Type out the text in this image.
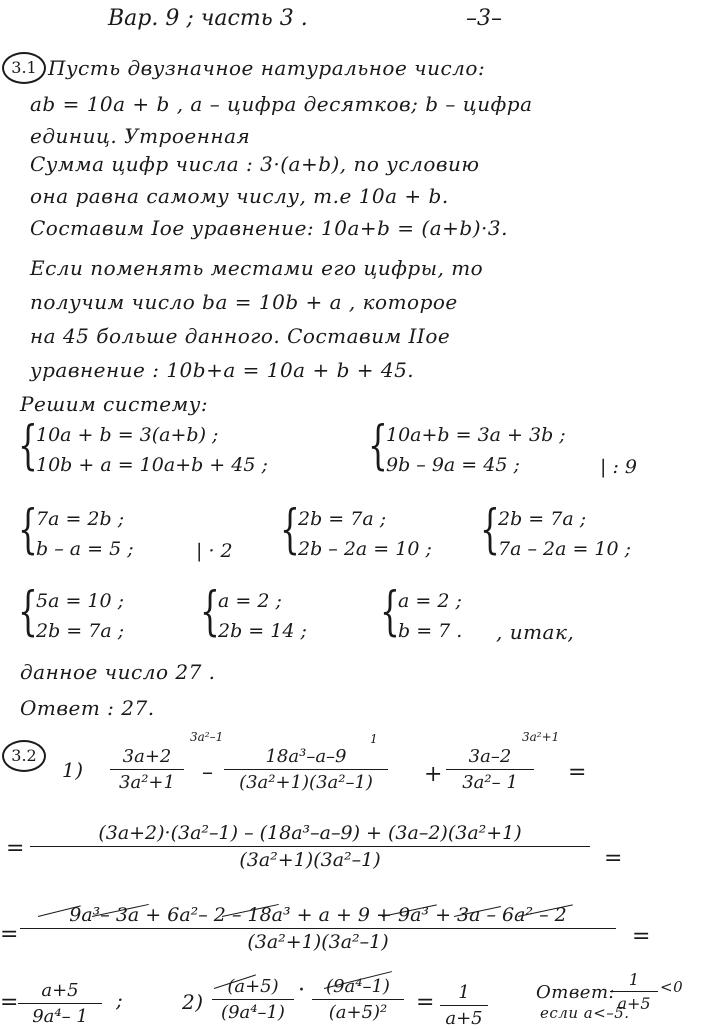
Вар. 9 ; часть 3 .	–3–
3.1 Пусть двузначное натуральное число:
ab = 10a + b , a – цифра десятков; b – цифра
единиц. Утроенная
Сумма цифр числа : 3·(a+b), по условию
она равна самому числу, т.е 10a + b.
Составим Iое уравнение: 10a+b = (a+b)·3.
Если поменять местами его цифры, то
получим число ba = 10b + a , которое
на 45 больше данного. Составим IIое
уравнение : 10b+a = 10a + b + 45.
Решим систему:
{
10a + b = 3(a+b) ;
10b + a = 10a+b + 45 ; {
10a+b = 3a + 3b ;
9b – 9a = 45 ;	| : 9
{
7a = 2b ;
b – a = 5 ;	| · 2 {
2b = 7a ;
2b – 2a = 10 ; {
2b = 7a ;
7a – 2a = 10 ;
{
5a = 10 ;
2b = 7a ; {
a = 2 ;
2b = 14 ; {
a = 2 ;
b = 7 . , итак,
данное число 27 .
Ответ : 27.
3.2
1)
3a²–1
$\frac{3a+2}{\text{3a²+1}}$ –
1
$\frac{\text{18a³–a–9}}{\text{(3a²+1)(3a²–1)}}$ +
3a²+1
$\frac{3a-2}{\text{3a²– 1}}$ =
= $\frac{\text{(3a+2)·(3a²–1) – (18a³–a–9) + (3a–2)(3a²+1)}}{\text{(3a²+1)(3a²–1)}}$ =
= $\frac{\text{9a³– 3a + 6a²– 2 – 18a³ + a + 9 + 9a³ + 3a – 6a² – 2}}{\text{(3a²+1)(3a²–1)}}$ =
= $\frac{a+5}{\text{9a⁴– 1}}$ ;	$2) \frac{(a+5)}{\text{(9a⁴–1)}} \cdot \frac{\text{(9a⁴–1)}}{\text{(a+5)²}} = \frac{1}{a+5}$	Ответ:
$\frac{1}{a+5} <0$
если a<–5.
